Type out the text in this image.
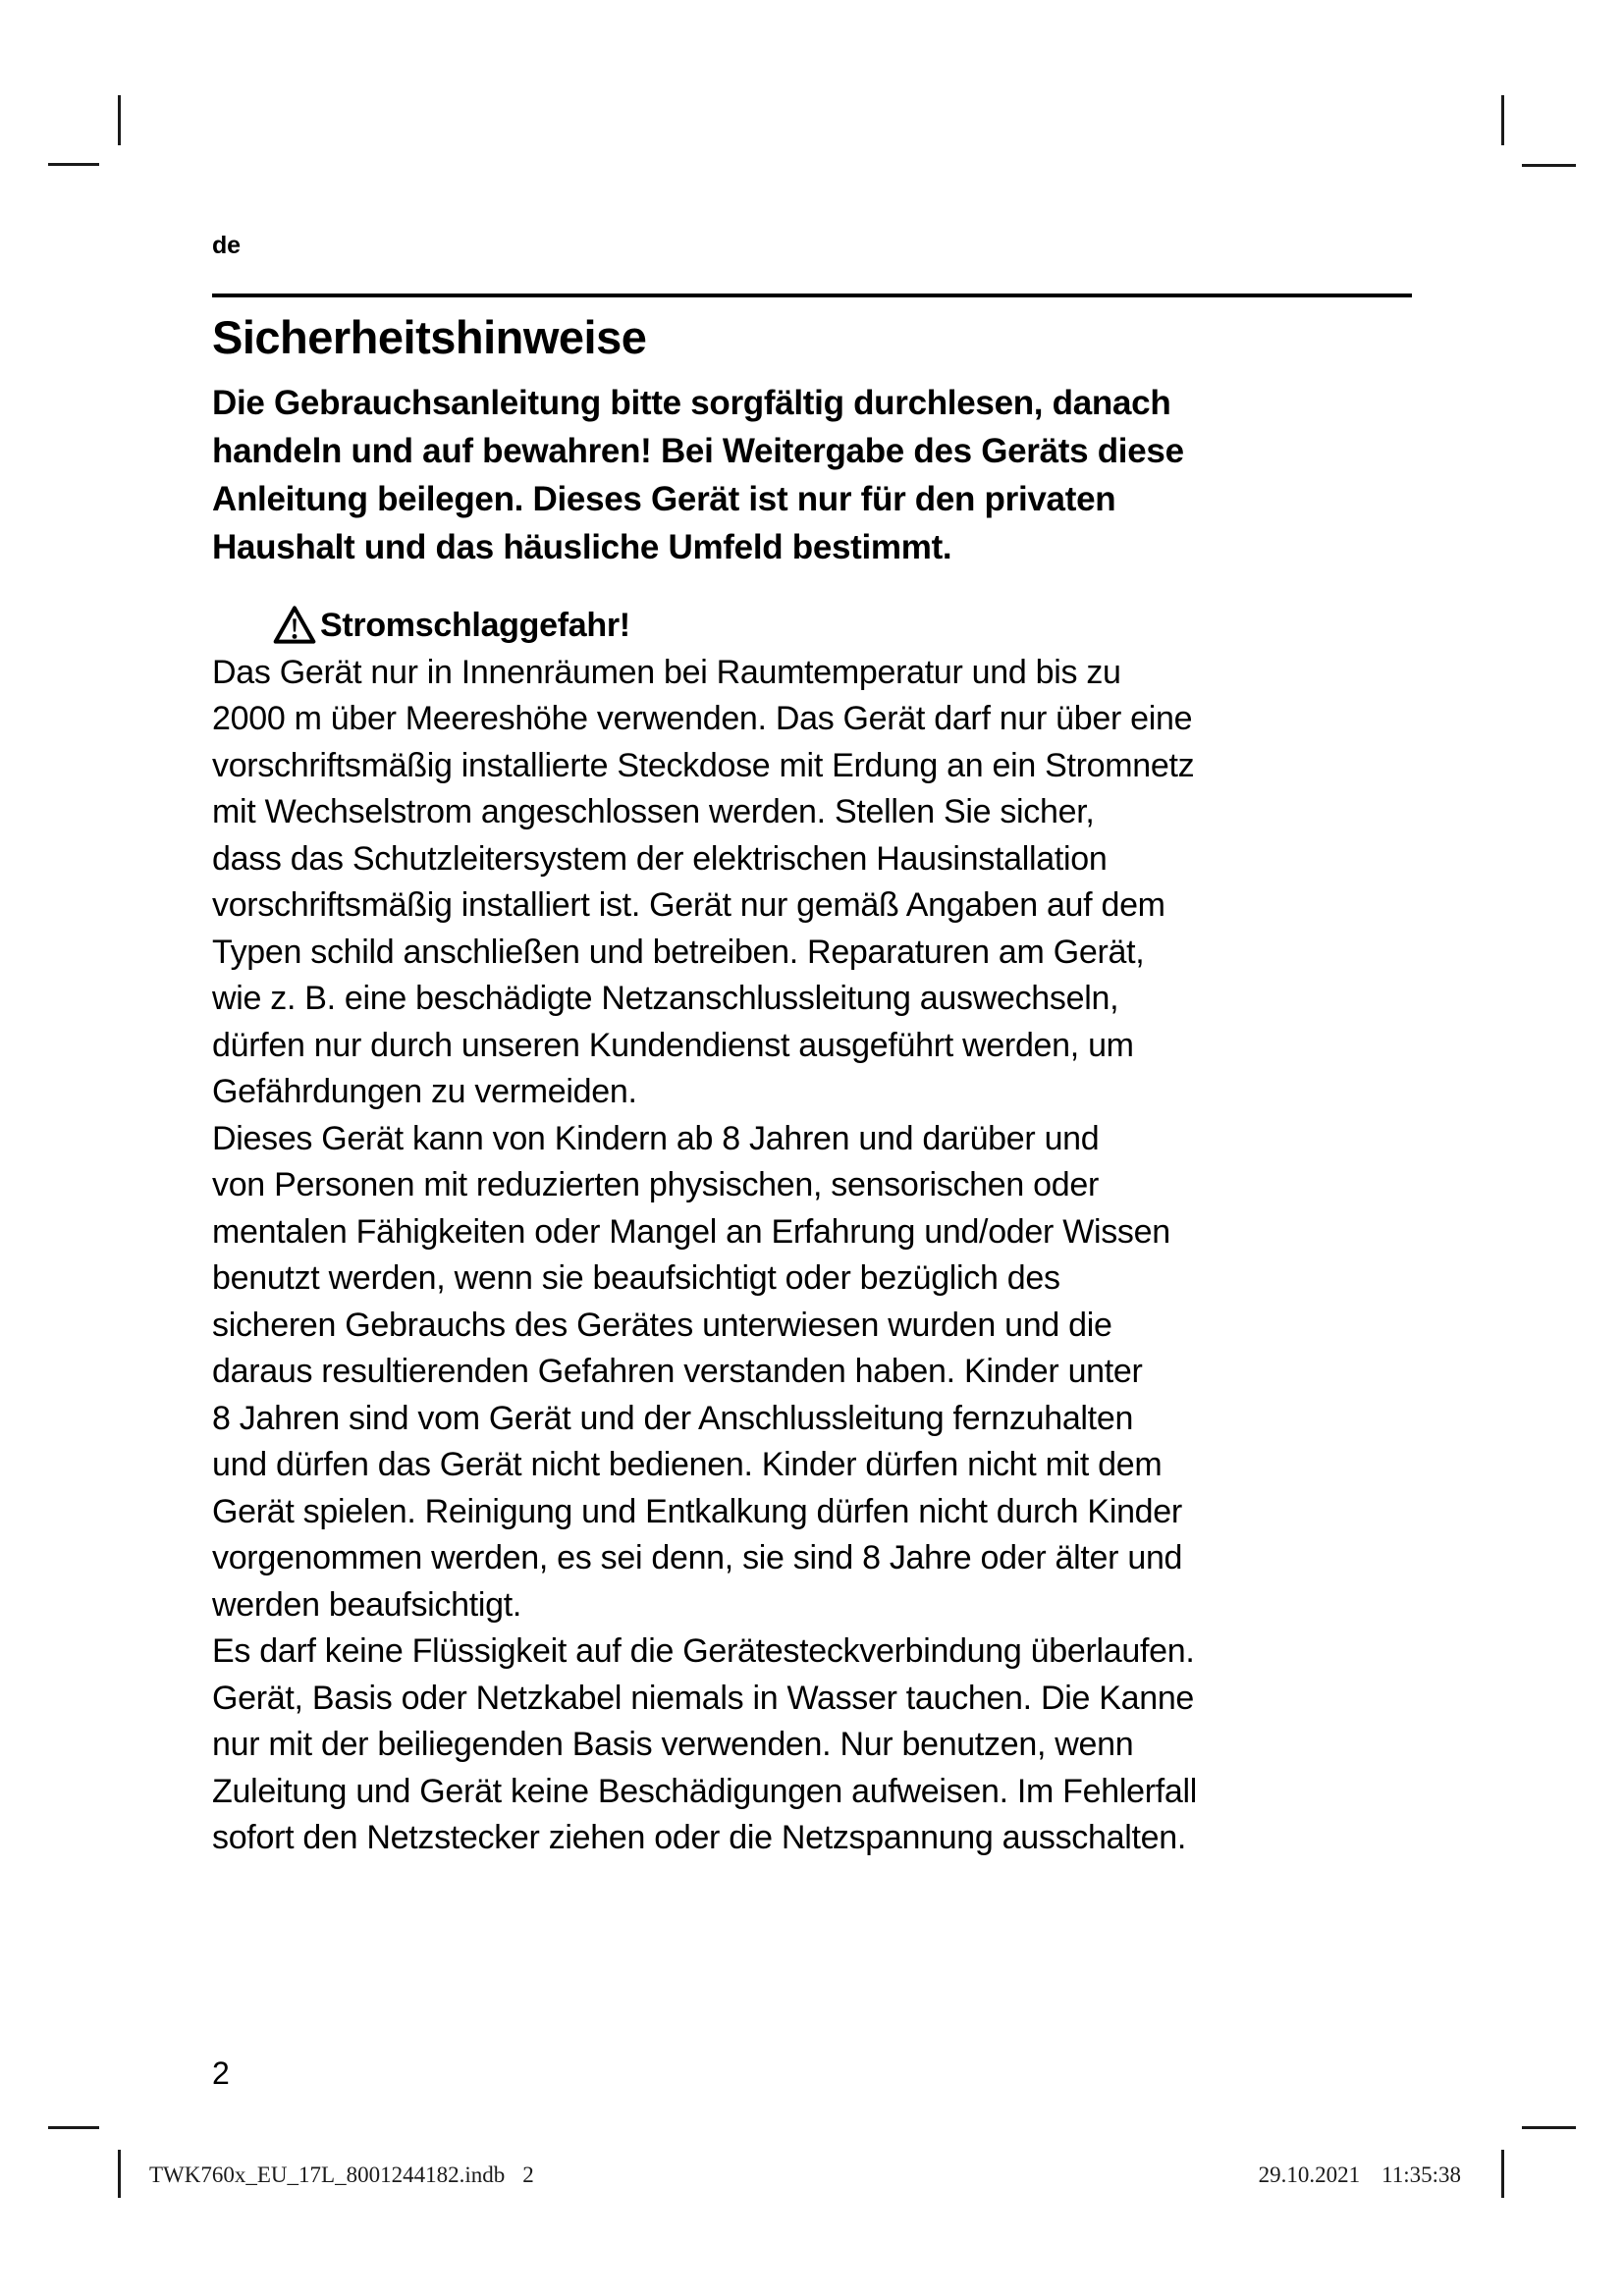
de
Sicherheitshinweise

Die Gebrauchsanleitung bitte sorgfältig durchlesen, danach
handeln und auf bewahren! Bei Weitergabe des Geräts diese
Anleitung beilegen. Dieses Gerät ist nur für den privaten
Haushalt und das häusliche Umfeld bestimmt.

Stromschlaggefahr!

Das Gerät nur in Innenräumen bei Raumtemperatur und bis zu
2000 m über Meereshöhe verwenden. Das Gerät darf nur über eine
vorschriftsmäßig installierte Steckdose mit Erdung an ein Stromnetz
mit Wechselstrom angeschlossen werden. Stellen Sie sicher,
dass das Schutzleitersystem der elektrischen Hausinstallation
vorschriftsmäßig installiert ist. Gerät nur gemäß Angaben auf dem
Typen schild anschließen und betreiben. Reparaturen am Gerät,
wie z. B. eine beschädigte Netzanschlussleitung auswechseln,
dürfen nur durch unseren Kundendienst ausgeführt werden, um
Gefährdungen zu vermeiden.

Dieses Gerät kann von Kindern ab 8 Jahren und darüber und
von Personen mit reduzierten physischen, sensorischen oder
mentalen Fähigkeiten oder Mangel an Erfahrung und/oder Wissen
benutzt werden, wenn sie beaufsichtigt oder bezüglich des
sicheren Gebrauchs des Gerätes unterwiesen wurden und die
daraus resultierenden Gefahren verstanden haben. Kinder unter
8 Jahren sind vom Gerät und der Anschlussleitung fernzuhalten
und dürfen das Gerät nicht bedienen. Kinder dürfen nicht mit dem
Gerät spielen. Reinigung und Entkalkung dürfen nicht durch Kinder
vorgenommen werden, es sei denn, sie sind 8 Jahre oder älter und
werden beaufsichtigt.

Es darf keine Flüssigkeit auf die Gerätesteckverbindung überlaufen.
Gerät, Basis oder Netzkabel niemals in Wasser tauchen. Die Kanne
nur mit der beiliegenden Basis verwenden. Nur benutzen, wenn
Zuleitung und Gerät keine Beschädigungen aufweisen. Im Fehlerfall
sofort den Netzstecker ziehen oder die Netzspannung ausschalten.

2
TWK760x_EU_17L_8001244182.indb 2	29.10.2021 11:35:38
